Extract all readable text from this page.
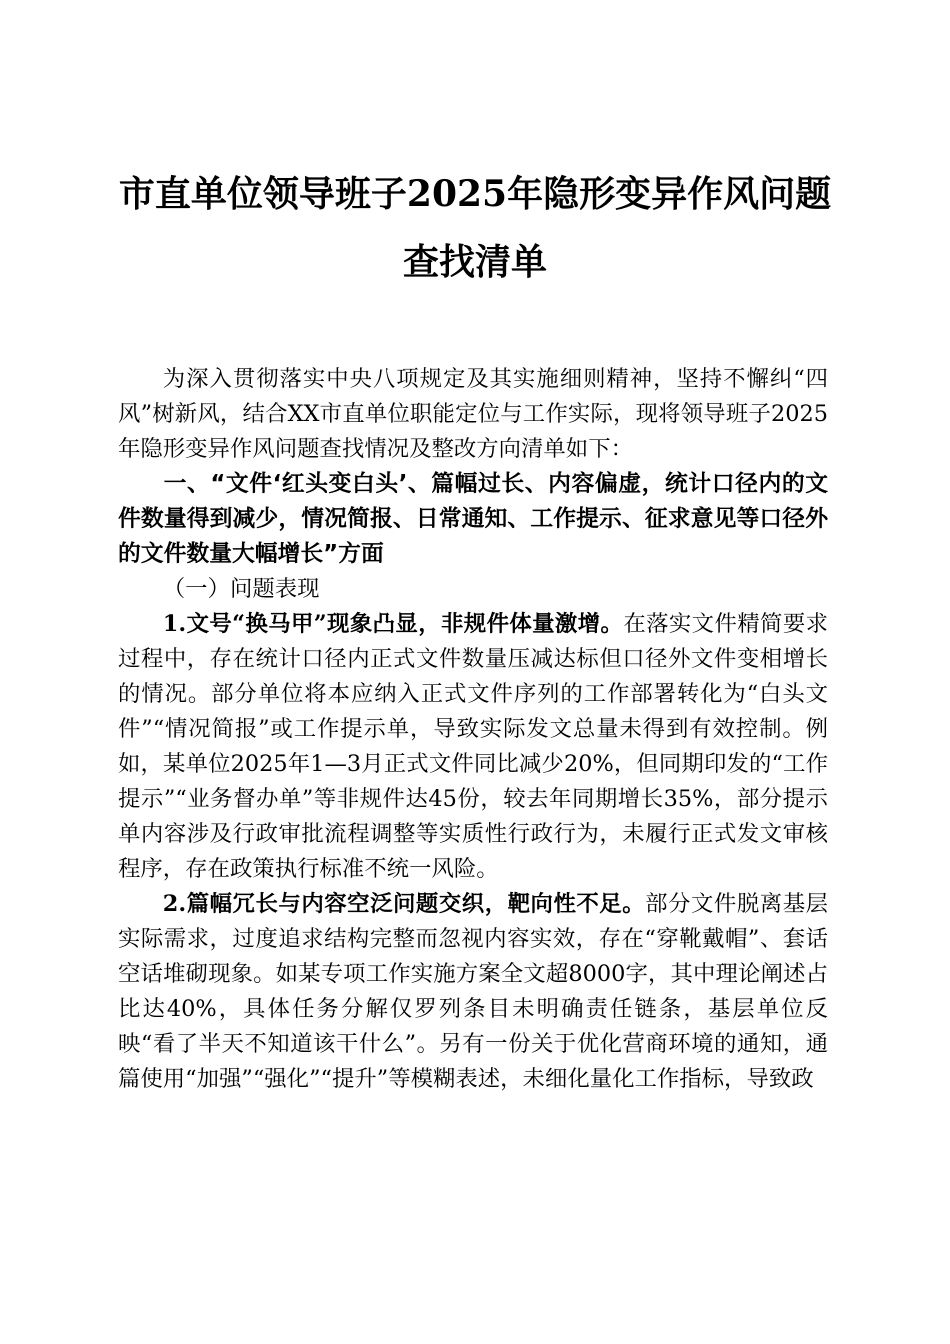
市直单位领导班子2025年隐形变异作风问题
查找清单

为深入贯彻落实中央八项规定及其实施细则精神，坚持不懈纠“四风”树新风，结合XX市直单位职能定位与工作实际，现将领导班子2025年隐形变异作风问题查找情况及整改方向清单如下：

一、“文件‘红头变白头’、篇幅过长、内容偏虚，统计口径内的文件数量得到减少，情况简报、日常通知、工作提示、征求意见等口径外的文件数量大幅增长”方面

（一）问题表现

1.文号“换马甲”现象凸显，非规件体量激增。在落实文件精简要求过程中，存在统计口径内正式文件数量压减达标但口径外文件变相增长的情况。部分单位将本应纳入正式文件序列的工作部署转化为“白头文件”“情况简报”或工作提示单，导致实际发文总量未得到有效控制。例如，某单位2025年1—3月正式文件同比减少20%，但同期印发的“工作提示”“业务督办单”等非规件达45份，较去年同期增长35%，部分提示单内容涉及行政审批流程调整等实质性行政行为，未履行正式发文审核程序，存在政策执行标准不统一风险。

2.篇幅冗长与内容空泛问题交织，靶向性不足。部分文件脱离基层实际需求，过度追求结构完整而忽视内容实效，存在“穿靴戴帽”、套话空话堆砌现象。如某专项工作实施方案全文超8000字，其中理论阐述占比达40%，具体任务分解仅罗列条目未明确责任链条，基层单位反映“看了半天不知道该干什么”。另有一份关于优化营商环境的通知，通篇使用“加强”“强化”“提升”等模糊表述，未细化量化工作指标，导致政
